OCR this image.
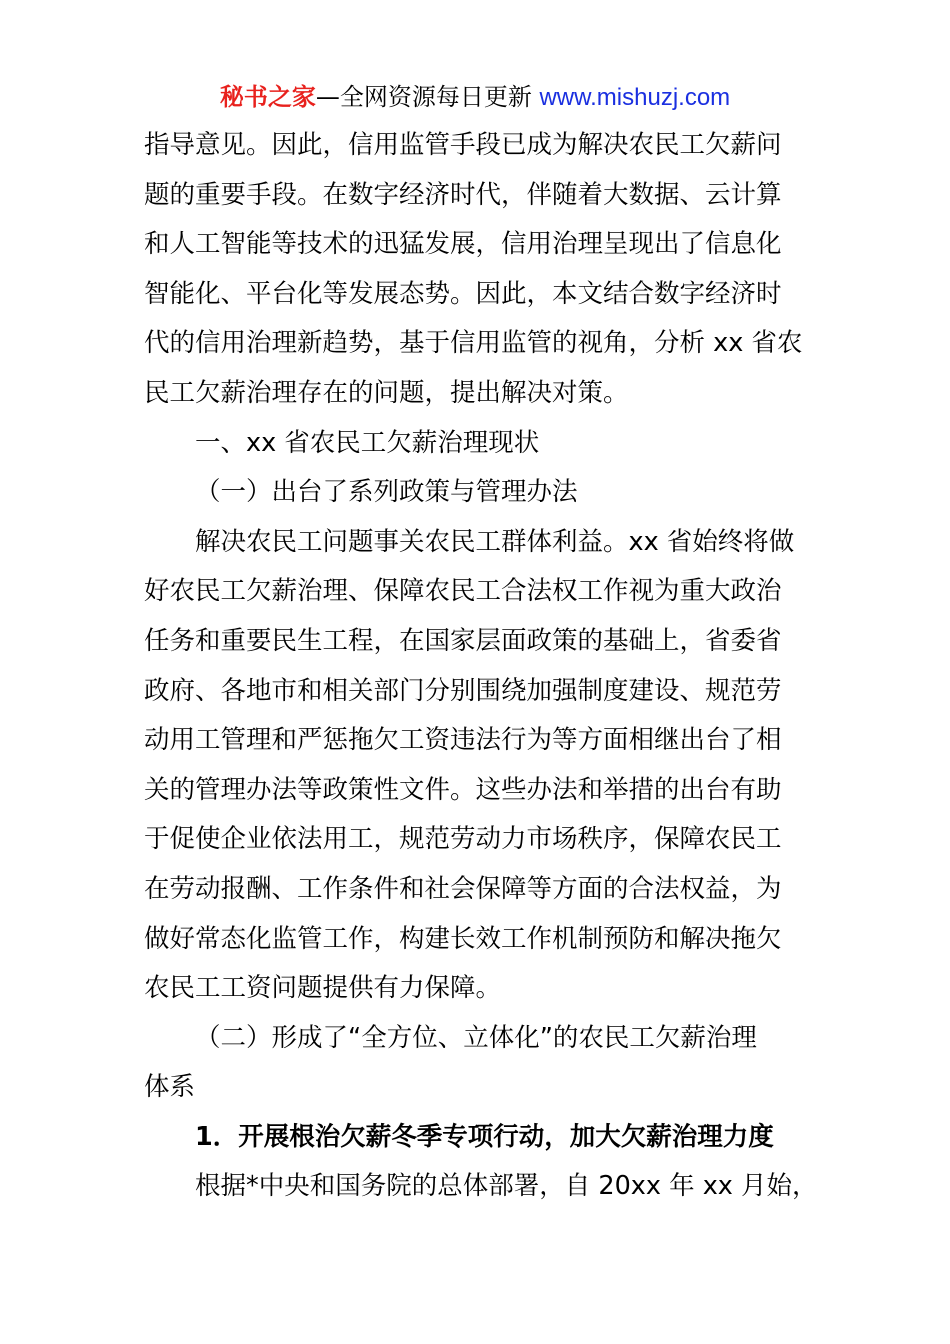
秘书之家—全网资源每日更新 www.mishuzj.com
指导意见。因此，信用监管手段已成为解决农民工欠薪问
题的重要手段。在数字经济时代，伴随着大数据、云计算
和人工智能等技术的迅猛发展，信用治理呈现出了信息化
智能化、平台化等发展态势。因此，本文结合数字经济时
代的信用治理新趋势，基于信用监管的视角，分析 xx 省农
民工欠薪治理存在的问题，提出解决对策。
一、xx 省农民工欠薪治理现状
（一）出台了系列政策与管理办法
解决农民工问题事关农民工群体利益。xx 省始终将做
好农民工欠薪治理、保障农民工合法权工作视为重大政治
任务和重要民生工程，在国家层面政策的基础上，省委省
政府、各地市和相关部门分别围绕加强制度建设、规范劳
动用工管理和严惩拖欠工资违法行为等方面相继出台了相
关的管理办法等政策性文件。这些办法和举措的出台有助
于促使企业依法用工，规范劳动力市场秩序，保障农民工
在劳动报酬、工作条件和社会保障等方面的合法权益，为
做好常态化监管工作，构建长效工作机制预防和解决拖欠
农民工工资问题提供有力保障。
（二）形成了“全方位、立体化”的农民工欠薪治理
体系
1．开展根治欠薪冬季专项行动，加大欠薪治理力度
根据*中央和国务院的总体部署，自 20xx 年 xx 月始，
